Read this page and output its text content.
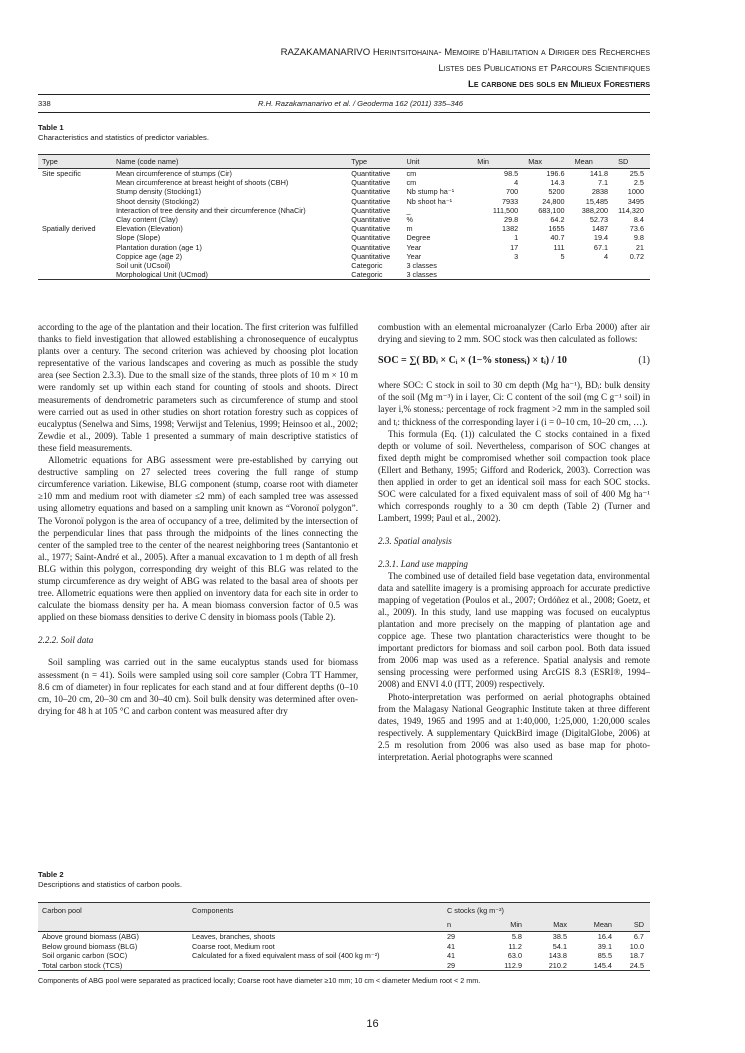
RAZAKAMANARIVO Herintsitohaina- Memoire d’Habilitation a Diriger des Recherches
Listes des Publications et Parcours Scientifiques
Le carbone des sols en Milieux Forestiers
338	R.H. Razakamanarivo et al. / Geoderma 162 (2011) 335–346
Table 1
Characteristics and statistics of predictor variables.
Type	Name (code name)	Type	Unit	Min	Max	Mean	SD
Site specific	Mean circumference of stumps (Cir)	Quantitative	cm	98.5	196.6	141.8	25.5
	Mean circumference at breast height of shoots (CBH)	Quantitative	cm	4	14.3	7.1	2.5
	Stump density (Stocking1)	Quantitative	Nb stump ha⁻¹	700	5200	2838	1000
	Shoot density (Stocking2)	Quantitative	Nb shoot ha⁻¹	7933	24,800	15,485	3495
	Interaction of tree density and their circumference (NhaCir)	Quantitative	_	111,500	683,100	388,200	114,320
	Clay content (Clay)	Quantitative	%	29.8	64.2	52.73	8.4
Spatially derived	Elevation (Elevation)	Quantitative	m	1382	1655	1487	73.6
	Slope (Slope)	Quantitative	Degree	1	40.7	19.4	9.8
	Plantation duration (age 1)	Quantitative	Year	17	111	67.1	21
	Coppice age (age 2)	Quantitative	Year	3	5	4	0.72
	Soil unit (UCsoil)	Categoric	3 classes				
	Morphological Unit (UCmod)	Categoric	3 classes				

according to the age of the plantation and their location. The first criterion was fulfilled thanks to field investigation that allowed establishing a chronosequence of eucalyptus plants over a century. The second criterion was achieved by choosing plot location representative of the various landscapes and covering as much as possible the study area (see Section 2.3.3). Due to the small size of the stands, three plots of 10 m × 10 m were randomly set up within each stand for counting of stools and shoots. Direct measurements of dendrometric parameters such as circumference of stump and stool were carried out as used in other studies on short rotation forestry such as coppices of eucalyptus (Senelwa and Sims, 1998; Verwijst and Telenius, 1999; Heinsoo et al., 2002; Zewdie et al., 2009). Table 1 presented a summary of main descriptive statistics of these field measurements.

Allometric equations for ABG assessment were pre-established by carrying out destructive sampling on 27 selected trees covering the full range of stump circumference variation. Likewise, BLG component (stump, coarse root with diameter ≥10 mm and medium root with diameter ≤2 mm) of each sampled tree was assessed using allometry equations and based on a sampling unit known as “Voronoï polygon”. The Voronoï polygon is the area of occupancy of a tree, delimited by the intersection of the perpendicular lines that pass through the midpoints of the lines connecting the center of the sampled tree to the center of the nearest neighboring trees (Santantonio et al., 1977; Saint-André et al., 2005). After a manual excavation to 1 m depth of all fresh BLG within this polygon, corresponding dry weight of this BLG was related to the stump circumference as dry weight of ABG was related to the basal area of shoots per tree. Allometric equations were then applied on inventory data for each site in order to calculate the biomass density per ha. A mean biomass conversion factor of 0.5 was applied on these biomass densities to derive C density in biomass pools (Table 2).

2.2.2. Soil data

Soil sampling was carried out in the same eucalyptus stands used for biomass assessment (n = 41). Soils were sampled using soil core sampler (Cobra TT Hammer, 8.6 cm of diameter) in four replicates for each stand and at four different depths (0–10 cm, 10–20 cm, 20–30 cm and 30–40 cm). Soil bulk density was determined after oven-drying for 48 h at 105 °C and carbon content was measured after dry

combustion with an elemental microanalyzer (Carlo Erba 2000) after air drying and sieving to 2 mm. SOC stock was then calculated as follows:

SOC = ∑( BDᵢ × Cᵢ × (1−% stonessᵢ) × tᵢ) / 10	(1)

where SOC: C stock in soil to 30 cm depth (Mg ha⁻¹), BDᵢ: bulk density of the soil (Mg m⁻³) in i layer, Ci: C content of the soil (mg C g⁻¹ soil) in layer i,% stonessᵢ: percentage of rock fragment >2 mm in the sampled soil and tᵢ: thickness of the corresponding layer i (i = 0–10 cm, 10–20 cm, …).

This formula (Eq. (1)) calculated the C stocks contained in a fixed depth or volume of soil. Nevertheless, comparison of SOC changes at fixed depth might be compromised whether soil compaction took place (Ellert and Bethany, 1995; Gifford and Roderick, 2003). Correction was then applied in order to get an identical soil mass for each SOC stocks. SOC were calculated for a fixed equivalent mass of soil of 400 Mg ha⁻¹ which corresponds roughly to a 30 cm depth (Table 2) (Turner and Lambert, 1999; Paul et al., 2002).

2.3. Spatial analysis
2.3.1. Land use mapping

The combined use of detailed field base vegetation data, environmental data and satellite imagery is a promising approach for accurate predictive mapping of vegetation (Poulos et al., 2007; Ordóñez et al., 2008; Goetz, et al., 2009). In this study, land use mapping was focused on eucalyptus plantation and more precisely on the mapping of plantation age and coppice age. These two plantation characteristics were thought to be important predictors for biomass and soil carbon pool. Both data issued from 2006 map was used as a reference. Spatial analysis and remote sensing processing were performed using ArcGIS 8.3 (ESRI®, 1994–2008) and ENVI 4.0 (ITT, 2009) respectively.

Photo-interpretation was performed on aerial photographs obtained from the Malagasy National Geographic Institute taken at three different dates, 1949, 1965 and 1995 and at 1:40,000, 1:25,000, 1:20,000 scales respectively. A supplementary QuickBird image (DigitalGlobe, 2006) at 2.5 m resolution from 2006 was also used as base map for photo-interpretation. Aerial photographs were scanned

Table 2
Descriptions and statistics of carbon pools.
Carbon pool	Components	C stocks (kg m⁻²)				
		n	Min	Max	Mean	SD
Above ground biomass (ABG)	Leaves, branches, shoots	29	5.8	38.5	16.4	6.7
Below ground biomass (BLG)	Coarse root, Medium root	41	11.2	54.1	39.1	10.0
Soil organic carbon (SOC)	Calculated for a fixed equivalent mass of soil (400 kg m⁻²)	41	63.0	143.8	85.5	18.7
Total carbon stock (TCS)		29	112.9	210.2	145.4	24.5
Components of ABG pool were separated as practiced locally; Coarse root have diameter ≥10 mm; 10 cm < diameter Medium root < 2 mm.
16
